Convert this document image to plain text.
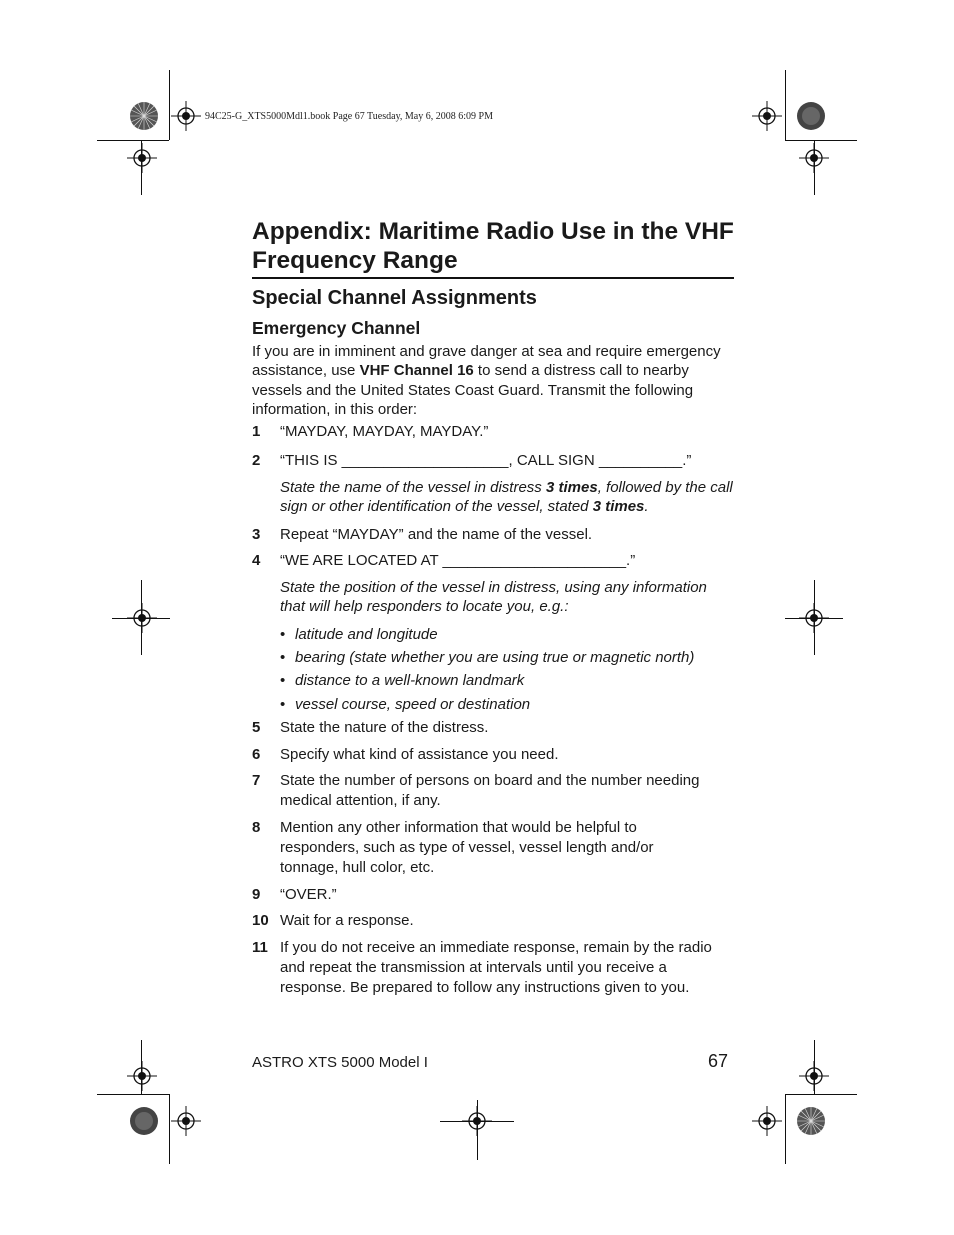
94C25-G_XTS5000Mdl1.book Page 67 Tuesday, May 6, 2008 6:09 PM
Appendix: Maritime Radio Use in the VHF Frequency Range
Special Channel Assignments
Emergency Channel

If you are in imminent and grave danger at sea and require emergency assistance, use VHF Channel 16 to send a distress call to nearby vessels and the United States Coast Guard. Transmit the following information, in this order:

1 “MAYDAY, MAYDAY, MAYDAY.”
2 “THIS IS ____________________, CALL SIGN __________.”
State the name of the vessel in distress 3 times, followed by the call sign or other identification of the vessel, stated 3 times.
3 Repeat “MAYDAY” and the name of the vessel.
4 “WE ARE LOCATED AT ______________________.”
State the position of the vessel in distress, using any information that will help responders to locate you, e.g.:
• latitude and longitude
• bearing (state whether you are using true or magnetic north)
• distance to a well-known landmark
• vessel course, speed or destination
5 State the nature of the distress.
6 Specify what kind of assistance you need.
7 State the number of persons on board and the number needing medical attention, if any.
8 Mention any other information that would be helpful to responders, such as type of vessel, vessel length and/or tonnage, hull color, etc.
9 “OVER.”
10 Wait for a response.
11 If you do not receive an immediate response, remain by the radio and repeat the transmission at intervals until you receive a response. Be prepared to follow any instructions given to you.
ASTRO XTS 5000 Model I	67
